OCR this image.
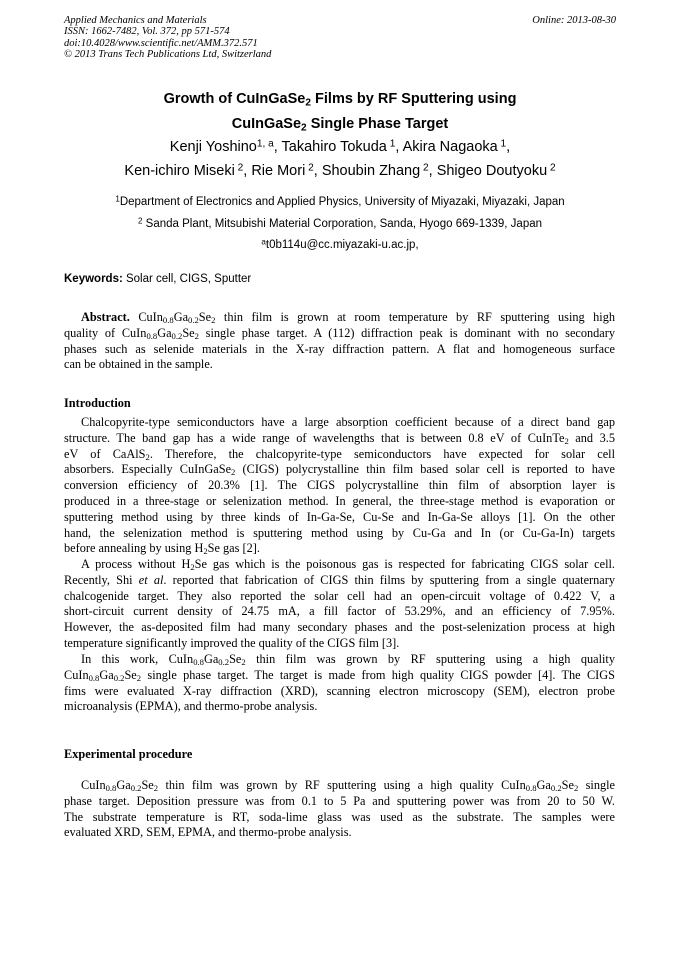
Applied Mechanics and Materials
ISSN: 1662-7482, Vol. 372, pp 571-574
doi:10.4028/www.scientific.net/AMM.372.571
© 2013 Trans Tech Publications Ltd, Switzerland
Online: 2013-08-30
Growth of CuInGaSe$_2$ Films by RF Sputtering using
CuInGaSe$_2$ Single Phase Target
Kenji Yoshino$^{1, a}$, Takahiro Tokuda $^1$, Akira Nagaoka $^1$,
Ken-ichiro Miseki $^2$, Rie Mori $^2$, Shoubin Zhang $^2$, Shigeo Doutyoku $^2$
$^1$Department of Electronics and Applied Physics, University of Miyazaki, Miyazaki, Japan
$^2$ Sanda Plant, Mitsubishi Material Corporation, Sanda, Hyogo 669-1339, Japan
$^a$t0b114u@cc.miyazaki-u.ac.jp,
Keywords: Solar cell, CIGS, Sputter
Abstract. $CuIn_{0.8}Ga_{0.2}Se_2$ thin film is grown at room temperature by RF sputtering using high
quality of $CuIn_{0.8}Ga_{0.2}Se_2$ single phase target. A (112) diffraction peak is dominant with no secondary
phases such as selenide materials in the X-ray diffraction pattern. A flat and homogeneous surface
can be obtained in the sample.
Introduction
Chalcopyrite-type semiconductors have a large absorption coefficient because of a direct band gap
structure. The band gap has a wide range of wavelengths that is between 0.8 eV of CuInTe$_2$ and 3.5
eV of CaAlS$_2$. Therefore, the chalcopyrite-type semiconductors have expected for solar cell
absorbers. Especially CuInGaSe$_2$ (CIGS) polycrystalline thin film based solar cell is reported to have
conversion efficiency of 20.3% [1]. The CIGS polycrystalline thin film of absorption layer is
produced in a three-stage or selenization method. In general, the three-stage method is evaporation or
sputtering method using by three kinds of In-Ga-Se, Cu-Se and In-Ga-Se alloys [1]. On the other
hand, the selenization method is sputtering method using by Cu-Ga and In (or Cu-Ga-In) targets
before annealing by using $H_2Se$ gas [2].
A process without $H_2Se$ gas which is the poisonous gas is respected for fabricating CIGS solar cell.
Recently, Shi et al. reported that fabrication of CIGS thin films by sputtering from a single quaternary
chalcogenide target. They also reported the solar cell had an open-circuit voltage of 0.422 V, a
short-circuit current density of 24.75 mA, a fill factor of 53.29%, and an efficiency of 7.95%.
However, the as-deposited film had many secondary phases and the post-selenization process at high
temperature significantly improved the quality of the CIGS film [3].
In this work, $CuIn_{0.8}Ga_{0.2}Se_2$ thin film was grown by RF sputtering using a high quality
$CuIn_{0.8}Ga_{0.2}Se_2$ single phase target. The target is made from high quality CIGS powder [4]. The CIGS
fims were evaluated X-ray diffraction (XRD), scanning electron microscopy (SEM), electron probe
microanalysis (EPMA), and thermo-probe analysis.
Experimental procedure
$CuIn_{0.8}Ga_{0.2}Se_2$ thin film was grown by RF sputtering using a high quality $CuIn_{0.8}Ga_{0.2}Se_2$ single
phase target. Deposition pressure was from 0.1 to 5 Pa and sputtering power was from 20 to 50 W.
The substrate temperature is RT, soda-lime glass was used as the substrate. The samples were
evaluated XRD, SEM, EPMA, and thermo-probe analysis.
